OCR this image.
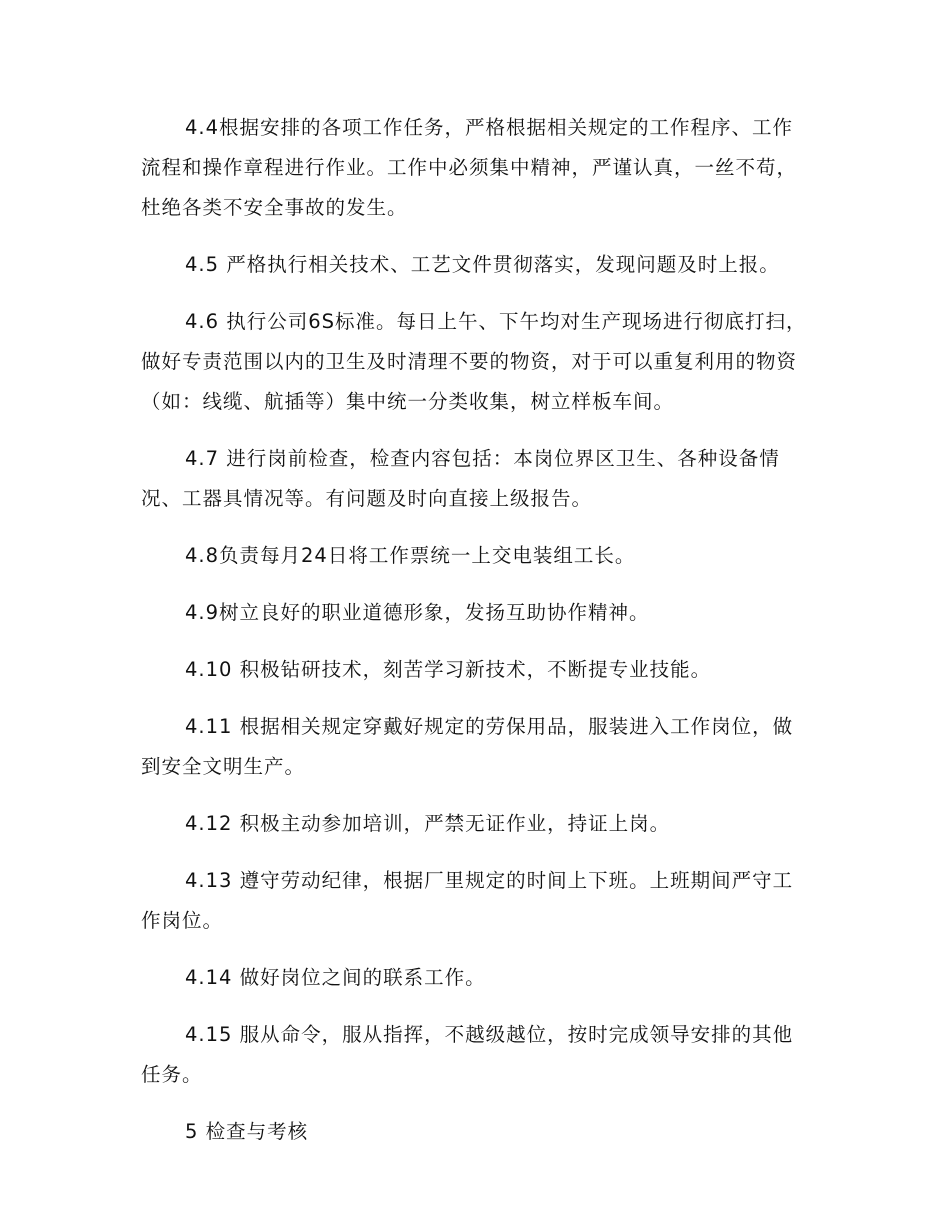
4.4根据安排的各项工作任务，严格根据相关规定的工作程序、工作流程和操作章程进行作业。工作中必须集中精神，严谨认真，一丝不苟，杜绝各类不安全事故的发生。

4.5 严格执行相关技术、工艺文件贯彻落实，发现问题及时上报。

4.6 执行公司6S标准。每日上午、下午均对生产现场进行彻底打扫，做好专责范围以内的卫生及时清理不要的物资，对于可以重复利用的物资（如：线缆、航插等）集中统一分类收集，树立样板车间。

4.7 进行岗前检查，检查内容包括：本岗位界区卫生、各种设备情况、工器具情况等。有问题及时向直接上级报告。

4.8负责每月24日将工作票统一上交电装组工长。

4.9树立良好的职业道德形象，发扬互助协作精神。

4.10 积极钻研技术，刻苦学习新技术，不断提专业技能。

4.11 根据相关规定穿戴好规定的劳保用品，服装进入工作岗位，做到安全文明生产。

4.12 积极主动参加培训，严禁无证作业，持证上岗。

4.13 遵守劳动纪律，根据厂里规定的时间上下班。上班期间严守工作岗位。

4.14 做好岗位之间的联系工作。

4.15 服从命令，服从指挥，不越级越位，按时完成领导安排的其他任务。

5 检查与考核
